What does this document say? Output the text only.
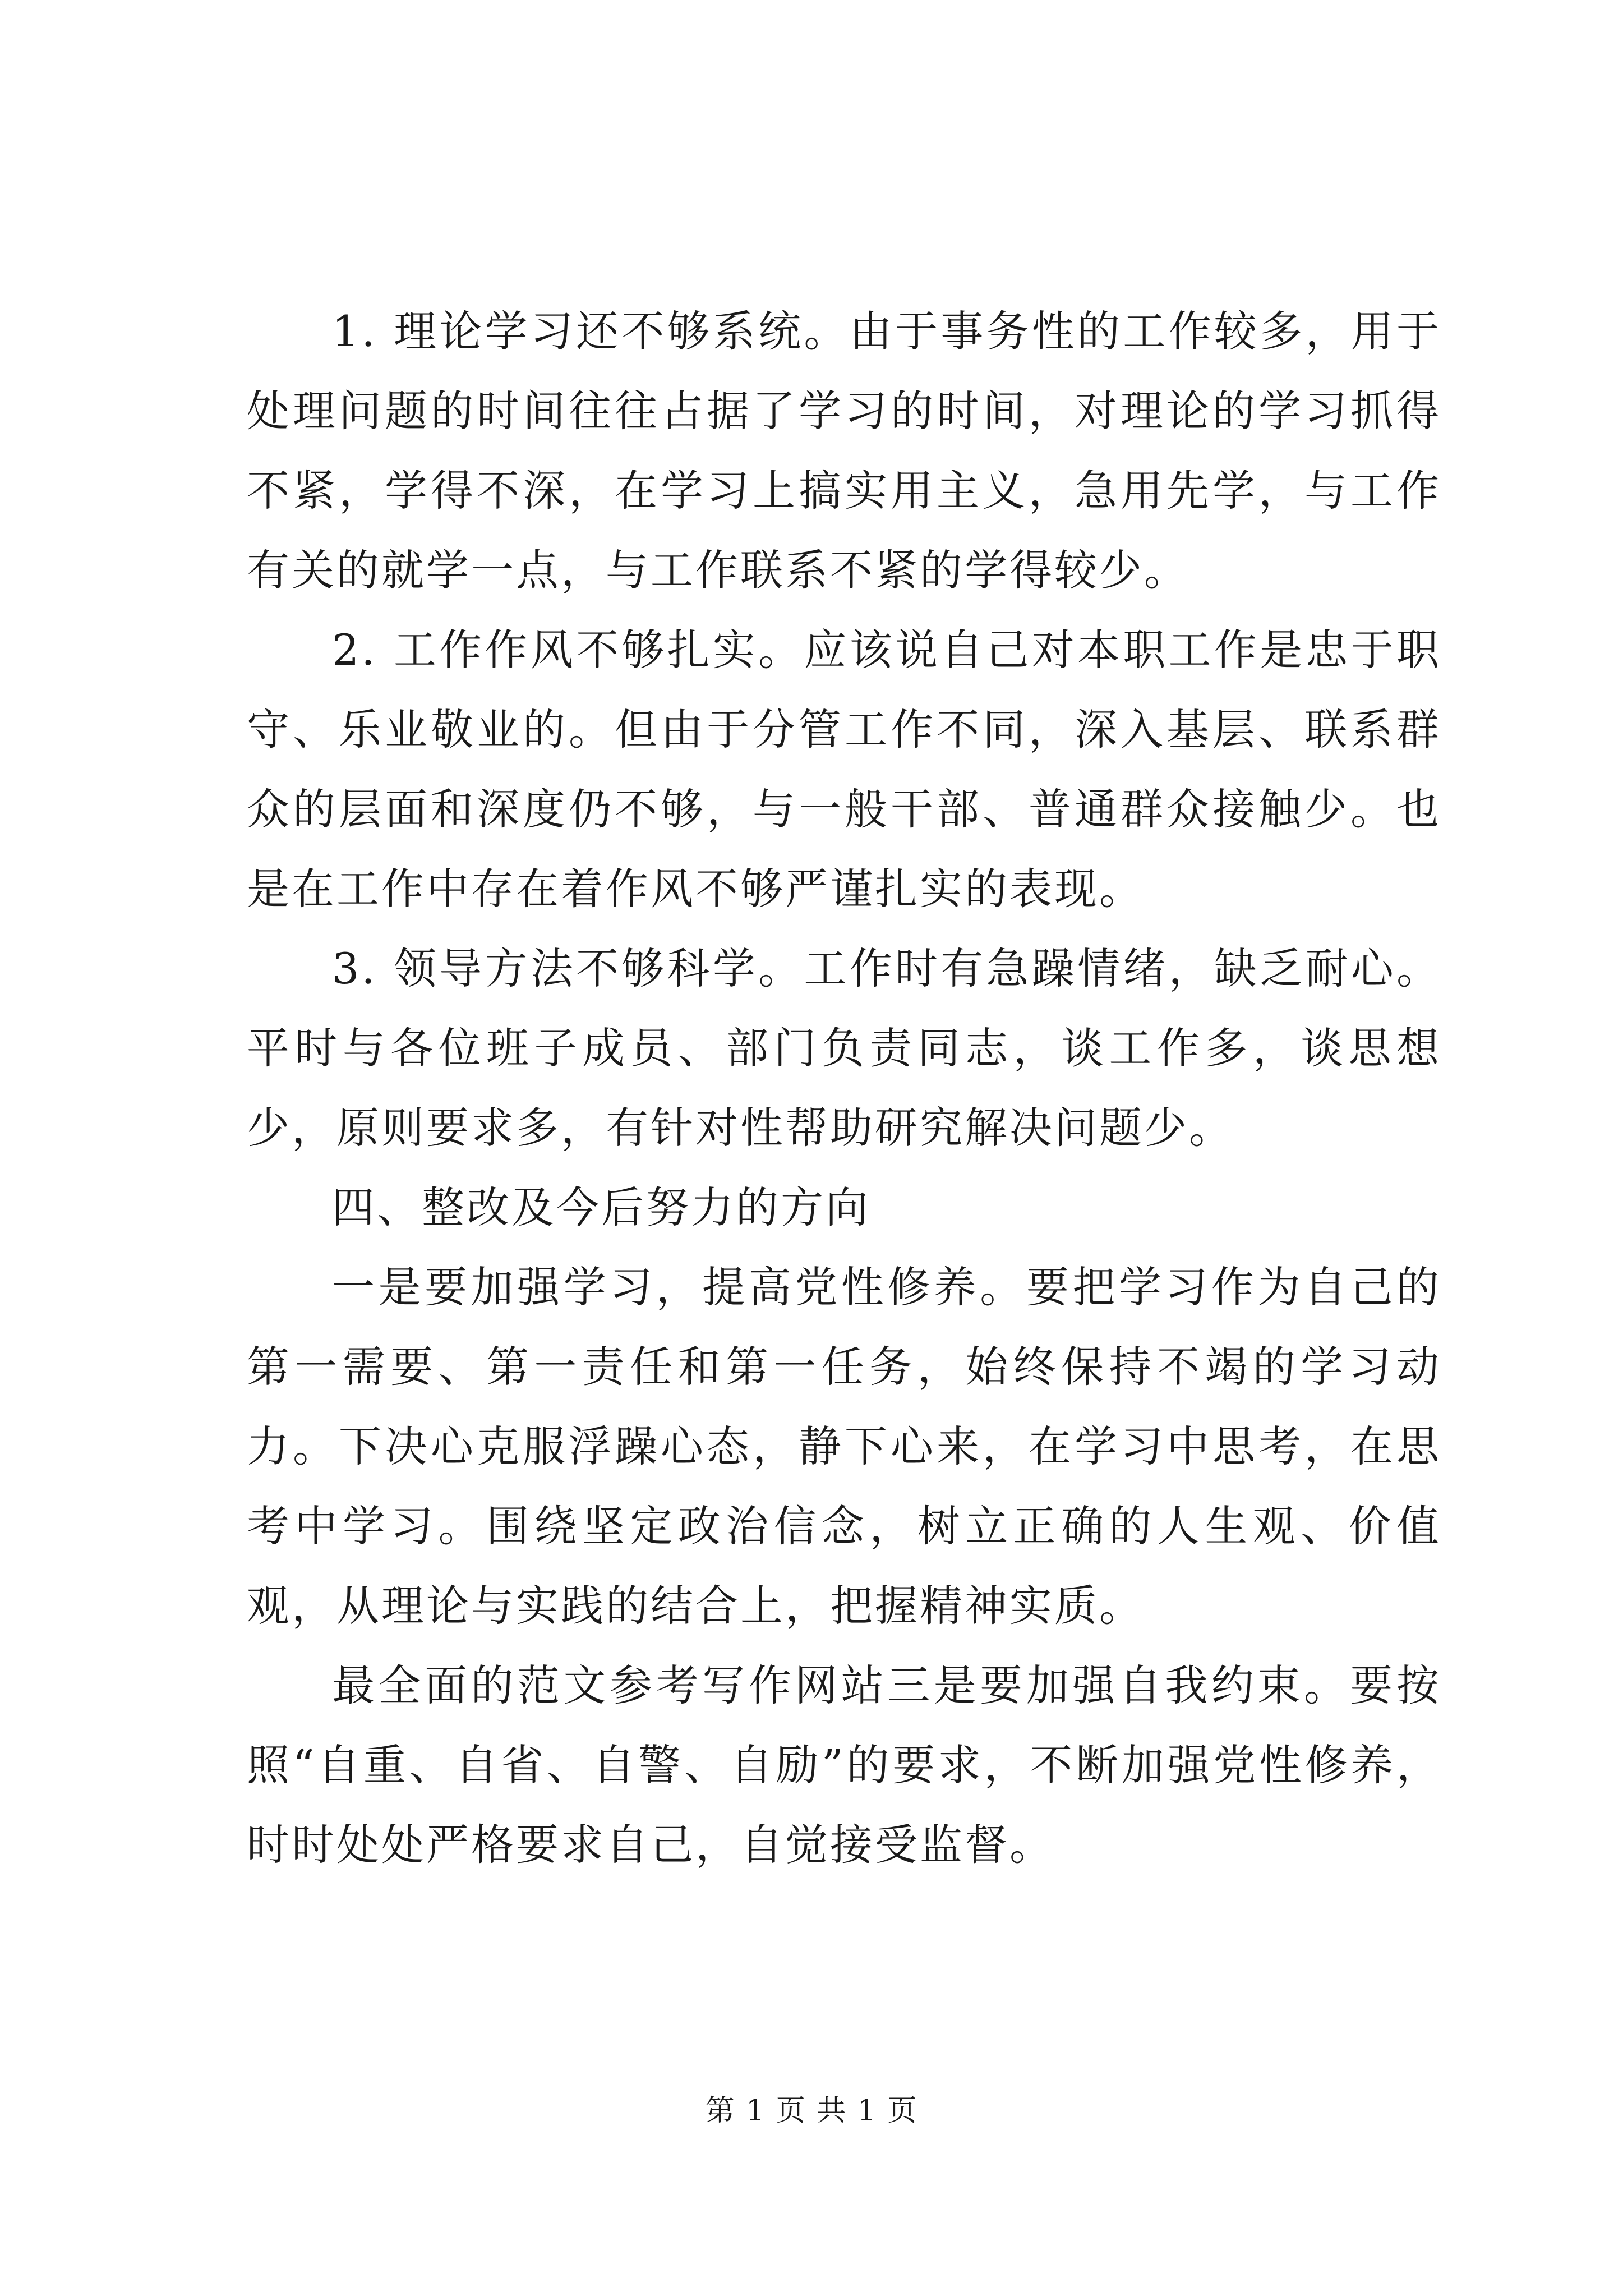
1. 理论学习还不够系统。由于事务性的工作较多，用于处理问题的时间往往占据了学习的时间，对理论的学习抓得不紧，学得不深，在学习上搞实用主义，急用先学，与工作有关的就学一点，与工作联系不紧的学得较少。

2. 工作作风不够扎实。应该说自己对本职工作是忠于职守、乐业敬业的。但由于分管工作不同，深入基层、联系群众的层面和深度仍不够，与一般干部、普通群众接触少。也是在工作中存在着作风不够严谨扎实的表现。

3. 领导方法不够科学。工作时有急躁情绪，缺乏耐心。平时与各位班子成员、部门负责同志，谈工作多，谈思想少，原则要求多，有针对性帮助研究解决问题少。

四、整改及今后努力的方向

一是要加强学习，提高党性修养。要把学习作为自己的第一需要、第一责任和第一任务，始终保持不竭的学习动力。下决心克服浮躁心态，静下心来，在学习中思考，在思考中学习。围绕坚定政治信念，树立正确的人生观、价值观，从理论与实践的结合上，把握精神实质。

最全面的范文参考写作网站三是要加强自我约束。要按照“自重、自省、自警、自励”的要求，不断加强党性修养，时时处处严格要求自己，自觉接受监督。

第 1 页 共 1 页
